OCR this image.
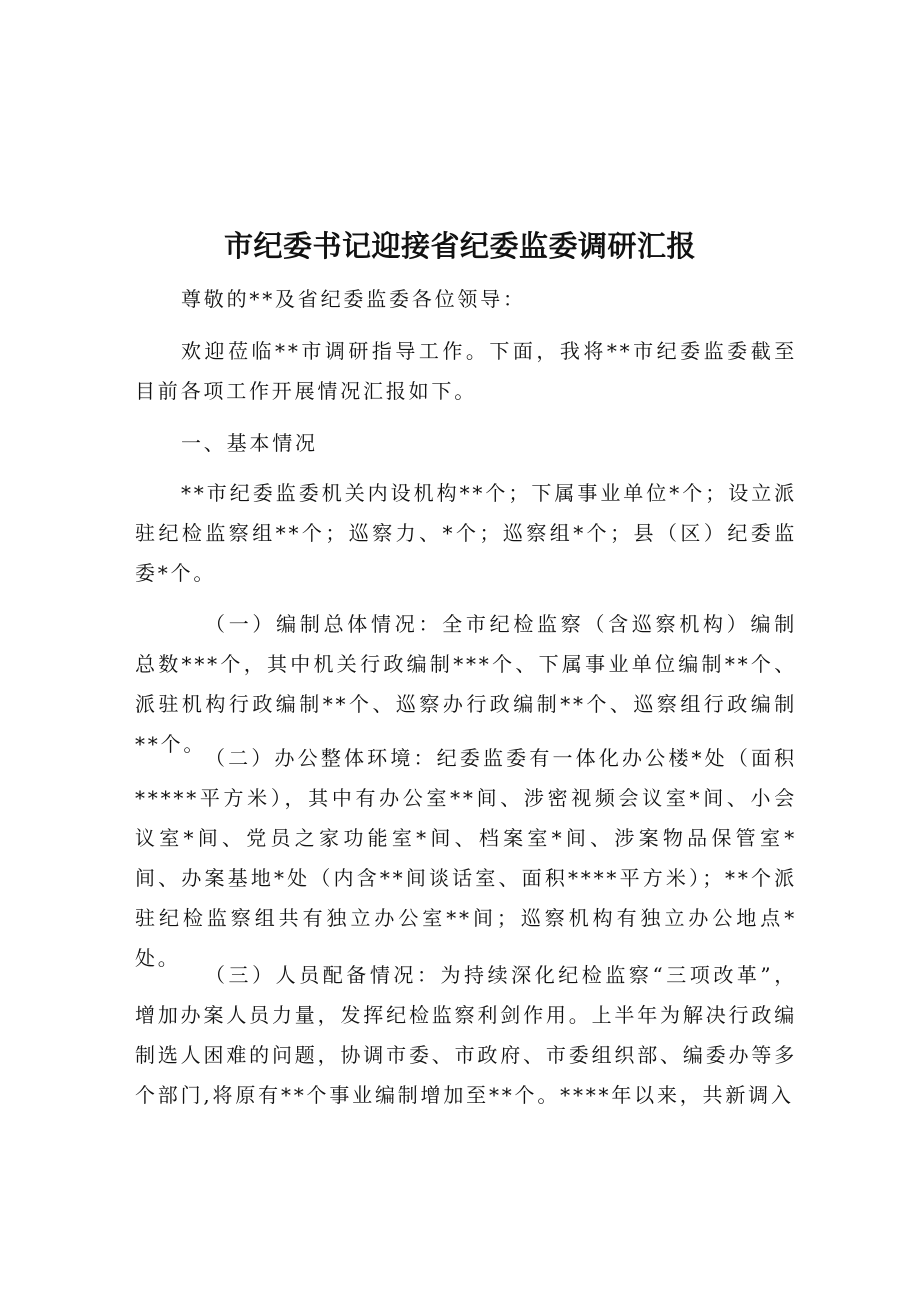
市纪委书记迎接省纪委监委调研汇报

尊敬的**及省纪委监委各位领导：

欢迎莅临**市调研指导工作。下面，我将**市纪委监委截至目前各项工作开展情况汇报如下。

一、基本情况

**市纪委监委机关内设机构**个；下属事业单位*个；设立派驻纪检监察组**个；巡察力、*个；巡察组*个；县（区）纪委监委*个。

（一）编制总体情况：全市纪检监察（含巡察机构）编制总数***个，其中机关行政编制***个、下属事业单位编制**个、派驻机构行政编制**个、巡察办行政编制**个、巡察组行政编制**个。

（二）办公整体环境：纪委监委有一体化办公楼*处（面积*****平方米），其中有办公室**间、涉密视频会议室*间、小会议室*间、党员之家功能室*间、档案室*间、涉案物品保管室*间、办案基地*处（内含**间谈话室、面积****平方米）；**个派驻纪检监察组共有独立办公室**间；巡察机构有独立办公地点*处。

（三）人员配备情况：为持续深化纪检监察“三项改革”，增加办案人员力量，发挥纪检监察利剑作用。上半年为解决行政编制选人困难的问题，协调市委、市政府、市委组织部、编委办等多个部门,将原有**个事业编制增加至**个。****年以来，共新调入
